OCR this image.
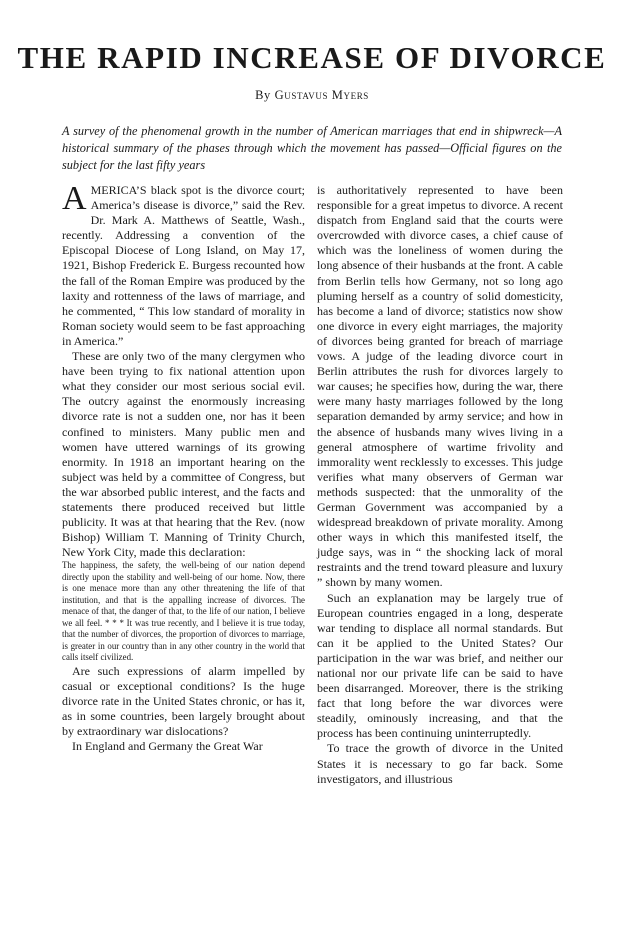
THE RAPID INCREASE OF DIVORCE

By Gustavus Myers

A survey of the phenomenal growth in the number of American marriages that end in shipwreck—A historical summary of the phases through which the movement has passed—Official figures on the subject for the last fifty years

AMERICA’S black spot is the divorce court; America’s disease is divorce,” said the Rev. Dr. Mark A. Matthews of Seattle, Wash., recently. Addressing a convention of the Episcopal Diocese of Long Island, on May 17, 1921, Bishop Frederick E. Burgess recounted how the fall of the Roman Empire was produced by the laxity and rottenness of the laws of marriage, and he commented, “ This low standard of morality in Roman society would seem to be fast approaching in America.”

These are only two of the many clergymen who have been trying to fix national attention upon what they consider our most serious social evil. The outcry against the enormously increasing divorce rate is not a sudden one, nor has it been confined to ministers. Many public men and women have uttered warnings of its growing enormity. In 1918 an important hearing on the subject was held by a committee of Congress, but the war absorbed public interest, and the facts and statements there produced received but little publicity. It was at that hearing that the Rev. (now Bishop) William T. Manning of Trinity Church, New York City, made this declaration:

The happiness, the safety, the well-being of our nation depend directly upon the stability and well-being of our home. Now, there is one menace more than any other threatening the life of that institution, and that is the appalling increase of divorces. The menace of that, the danger of that, to the life of our nation, I believe we all feel. * * * It was true recently, and I believe it is true today, that the number of divorces, the proportion of divorces to marriage, is greater in our country than in any other country in the world that calls itself civilized.

Are such expressions of alarm impelled by casual or exceptional conditions? Is the huge divorce rate in the United States chronic, or has it, as in some countries, been largely brought about by extraordinary war dislocations?

In England and Germany the Great War

is authoritatively represented to have been responsible for a great impetus to divorce. A recent dispatch from England said that the courts were overcrowded with divorce cases, a chief cause of which was the loneliness of women during the long absence of their husbands at the front. A cable from Berlin tells how Germany, not so long ago pluming herself as a country of solid domesticity, has become a land of divorce; statistics now show one divorce in every eight marriages, the majority of divorces being granted for breach of marriage vows. A judge of the leading divorce court in Berlin attributes the rush for divorces largely to war causes; he specifies how, during the war, there were many hasty marriages followed by the long separation demanded by army service; and how in the absence of husbands many wives living in a general atmosphere of wartime frivolity and immorality went recklessly to excesses. This judge verifies what many observers of German war methods suspected: that the unmorality of the German Government was accompanied by a widespread breakdown of private morality. Among other ways in which this manifested itself, the judge says, was in “ the shocking lack of moral restraints and the trend toward pleasure and luxury ” shown by many women.

Such an explanation may be largely true of European countries engaged in a long, desperate war tending to displace all normal standards. But can it be applied to the United States? Our participation in the war was brief, and neither our national nor our private life can be said to have been disarranged. Moreover, there is the striking fact that long before the war divorces were steadily, ominously increasing, and that the process has been continuing uninterruptedly.

To trace the growth of divorce in the United States it is necessary to go far back. Some investigators, and illustrious
